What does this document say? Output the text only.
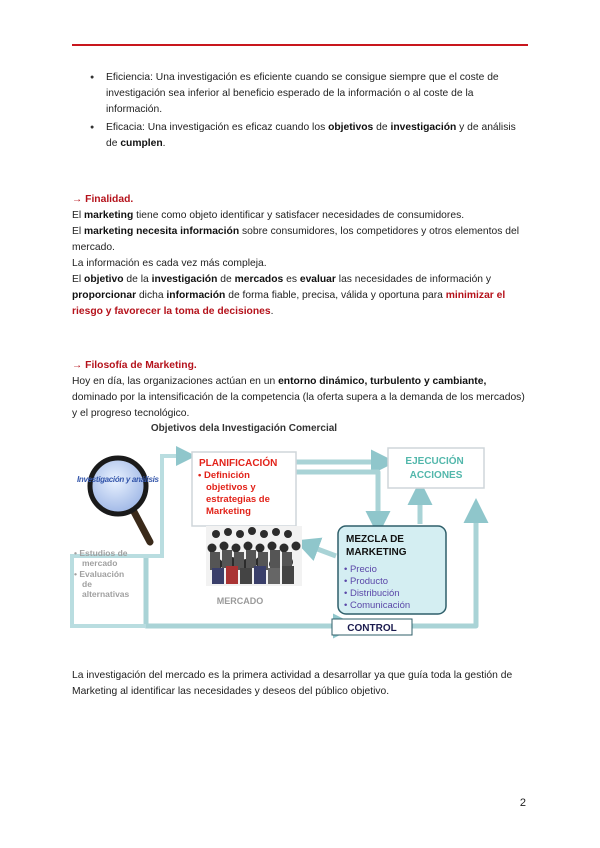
● Eficiencia: Una investigación es eficiente cuando se consigue siempre que el coste de investigación sea inferior al beneficio esperado de la información o al coste de la información.
● Eficacia: Una investigación es eficaz cuando los objetivos de investigación y de análisis de cumplen.

→ Finalidad.

El marketing tiene como objeto identificar y satisfacer necesidades de consumidores.

El marketing necesita información sobre consumidores, los competidores y otros elementos del mercado.

La información es cada vez más compleja.

El objetivo de la investigación de mercados es evaluar las necesidades de información y proporcionar dicha información de forma fiable, precisa, válida y oportuna para minimizar el riesgo y favorecer la toma de decisiones.

→ Filosofía de Marketing.

Hoy en día, las organizaciones actúan en un entorno dinámico, turbulento y cambiante, dominado por la intensificación de la competencia (la oferta supera a la demanda de los mercados) y el progreso tecnológico.

Objetivos dela Investigación Comercial
Investigación y análisis
PLANIFICACIÓN
• Definición objetivos y estrategias de Marketing
EJECUCIÓN ACCIONES
MERCADO
• Estudios de mercado • Evaluación de alternativas
MEZCLA DE MARKETING
• Precio • Producto • Distribución • Comunicación
CONTROL

La investigación del mercado es la primera actividad a desarrollar ya que guía toda la gestión de Marketing al identificar las necesidades y deseos del público objetivo.

2
